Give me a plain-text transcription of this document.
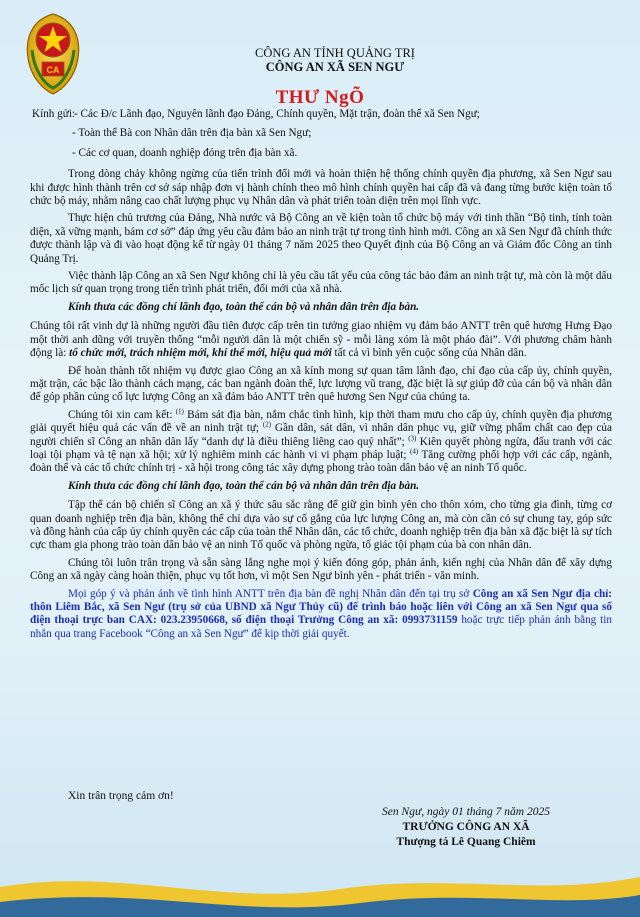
CA
CÔNG AN TỈNH QUẢNG TRỊ
CÔNG AN XÃ SEN NGƯ
THƯ NgÕ
Kính gửi:
- Các Đ/c Lãnh đạo, Nguyên lãnh đạo Đảng, Chính quyền, Mặt trận, đoàn thể xã Sen Ngư;
- Toàn thể Bà con Nhân dân trên địa bàn xã Sen Ngư;
- Các cơ quan, doanh nghiệp đóng trên địa bàn xã.

Trong dòng chảy không ngừng của tiến trình đổi mới và hoàn thiện hệ thống chính quyền địa phương, xã Sen Ngư sau khi được hình thành trên cơ sở sáp nhập đơn vị hành chính theo mô hình chính quyền hai cấp đã và đang từng bước kiện toàn tổ chức bộ máy, nhằm nâng cao chất lượng phục vụ Nhân dân và phát triển toàn diện trên mọi lĩnh vực.

Thực hiện chủ trương của Đảng, Nhà nước và Bộ Công an về kiện toàn tổ chức bộ máy với tinh thần “Bộ tinh, tỉnh toàn diện, xã vững mạnh, bám cơ sở” đáp ứng yêu cầu đảm bảo an ninh trật tự trong tình hình mới. Công an xã Sen Ngư đã chính thức được thành lập và đi vào hoạt động kể từ ngày 01 tháng 7 năm 2025 theo Quyết định của Bộ Công an và Giám đốc Công an tỉnh Quảng Trị.

Việc thành lập Công an xã Sen Ngư không chỉ là yêu cầu tất yếu của công tác bảo đảm an ninh trật tự, mà còn là một dấu mốc lịch sử quan trọng trong tiến trình phát triển, đổi mới của xã nhà.

Kính thưa các đồng chí lãnh đạo, toàn thể cán bộ và nhân dân trên địa bàn.

Chúng tôi rất vinh dự là những người đầu tiên được cấp trên tin tưởng giao nhiệm vụ đảm bảo ANTT trên quê hương Hưng Đạo một thời anh dũng với truyền thống “mỗi người dân là một chiến sỹ - mỗi làng xóm là một pháo đài”. Với phương châm hành động là: tổ chức mới, trách nhiệm mới, khí thế mới, hiệu quả mới tất cả vì bình yên cuộc sống của Nhân dân.

Để hoàn thành tốt nhiệm vụ được giao Công an xã kính mong sự quan tâm lãnh đạo, chỉ đạo của cấp ủy, chính quyền, mặt trận, các bậc lão thành cách mạng, các ban ngành đoàn thể, lực lượng vũ trang, đặc biệt là sự giúp đỡ của cán bộ và nhân dân để góp phần củng cố lực lượng Công an xã đảm bảo ANTT trên quê hương Sen Ngư của chúng ta.

Chúng tôi xin cam kết: $^{(1)}$ Bám sát địa bàn, nắm chắc tình hình, kịp thời tham mưu cho cấp ủy, chính quyền địa phương giải quyết hiệu quả các vấn đề về an ninh trật tự; $^{(2)}$ Gần dân, sát dân, vì nhân dân phục vụ, giữ vững phẩm chất cao đẹp của người chiến sĩ Công an nhân dân lấy “danh dự là điều thiêng liêng cao quý nhất”; $^{(3)}$ Kiên quyết phòng ngừa, đấu tranh với các loại tội phạm và tệ nạn xã hội; xử lý nghiêm minh các hành vi vi phạm pháp luật; $^{(4)}$ Tăng cường phối hợp với các cấp, ngành, đoàn thể và các tổ chức chính trị - xã hội trong công tác xây dựng phong trào toàn dân bảo vệ an ninh Tổ quốc.

Kính thưa các đồng chí lãnh đạo, toàn thể cán bộ và nhân dân trên địa bàn.

Tập thể cán bộ chiến sĩ Công an xã ý thức sâu sắc rằng để giữ gìn bình yên cho thôn xóm, cho từng gia đình, từng cơ quan doanh nghiệp trên địa bàn, không thể chỉ dựa vào sự cố gắng của lực lượng Công an, mà còn cần có sự chung tay, góp sức và đồng hành của cấp ủy chính quyền các cấp của toàn thể Nhân dân, các tổ chức, doanh nghiệp trên địa bàn xã đặc biệt là sự tích cực tham gia phong trào toàn dân bảo vệ an ninh Tổ quốc và phòng ngừa, tố giác tội phạm của bà con nhân dân.

Chúng tôi luôn trân trọng và sẵn sàng lắng nghe mọi ý kiến đóng góp, phản ánh, kiến nghị của Nhân dân để xây dựng Công an xã ngày càng hoàn thiện, phục vụ tốt hơn, vì một Sen Ngư bình yên - phát triển - văn minh.

Mọi góp ý và phản ánh về tình hình ANTT trên địa bàn đề nghị Nhân dân đến tại trụ sở Công an xã Sen Ngư địa chỉ: thôn Liêm Bắc, xã Sen Ngư (trụ sở của UBND xã Ngư Thủy cũ) để trình báo hoặc liên với Công an xã Sen Ngư qua số điện thoại trực ban CAX: 023.23950668, số điện thoại Trưởng Công an xã: 0993731159 hoặc trực tiếp phản ánh bằng tin nhắn qua trang Facebook “Công an xã Sen Ngư” để kịp thời giải quyết.

Xin trân trọng cảm ơn!
Sen Ngư, ngày 01 tháng 7 năm 2025
TRƯỞNG CÔNG AN XÃ
Thượng tá Lê Quang Chiêm
